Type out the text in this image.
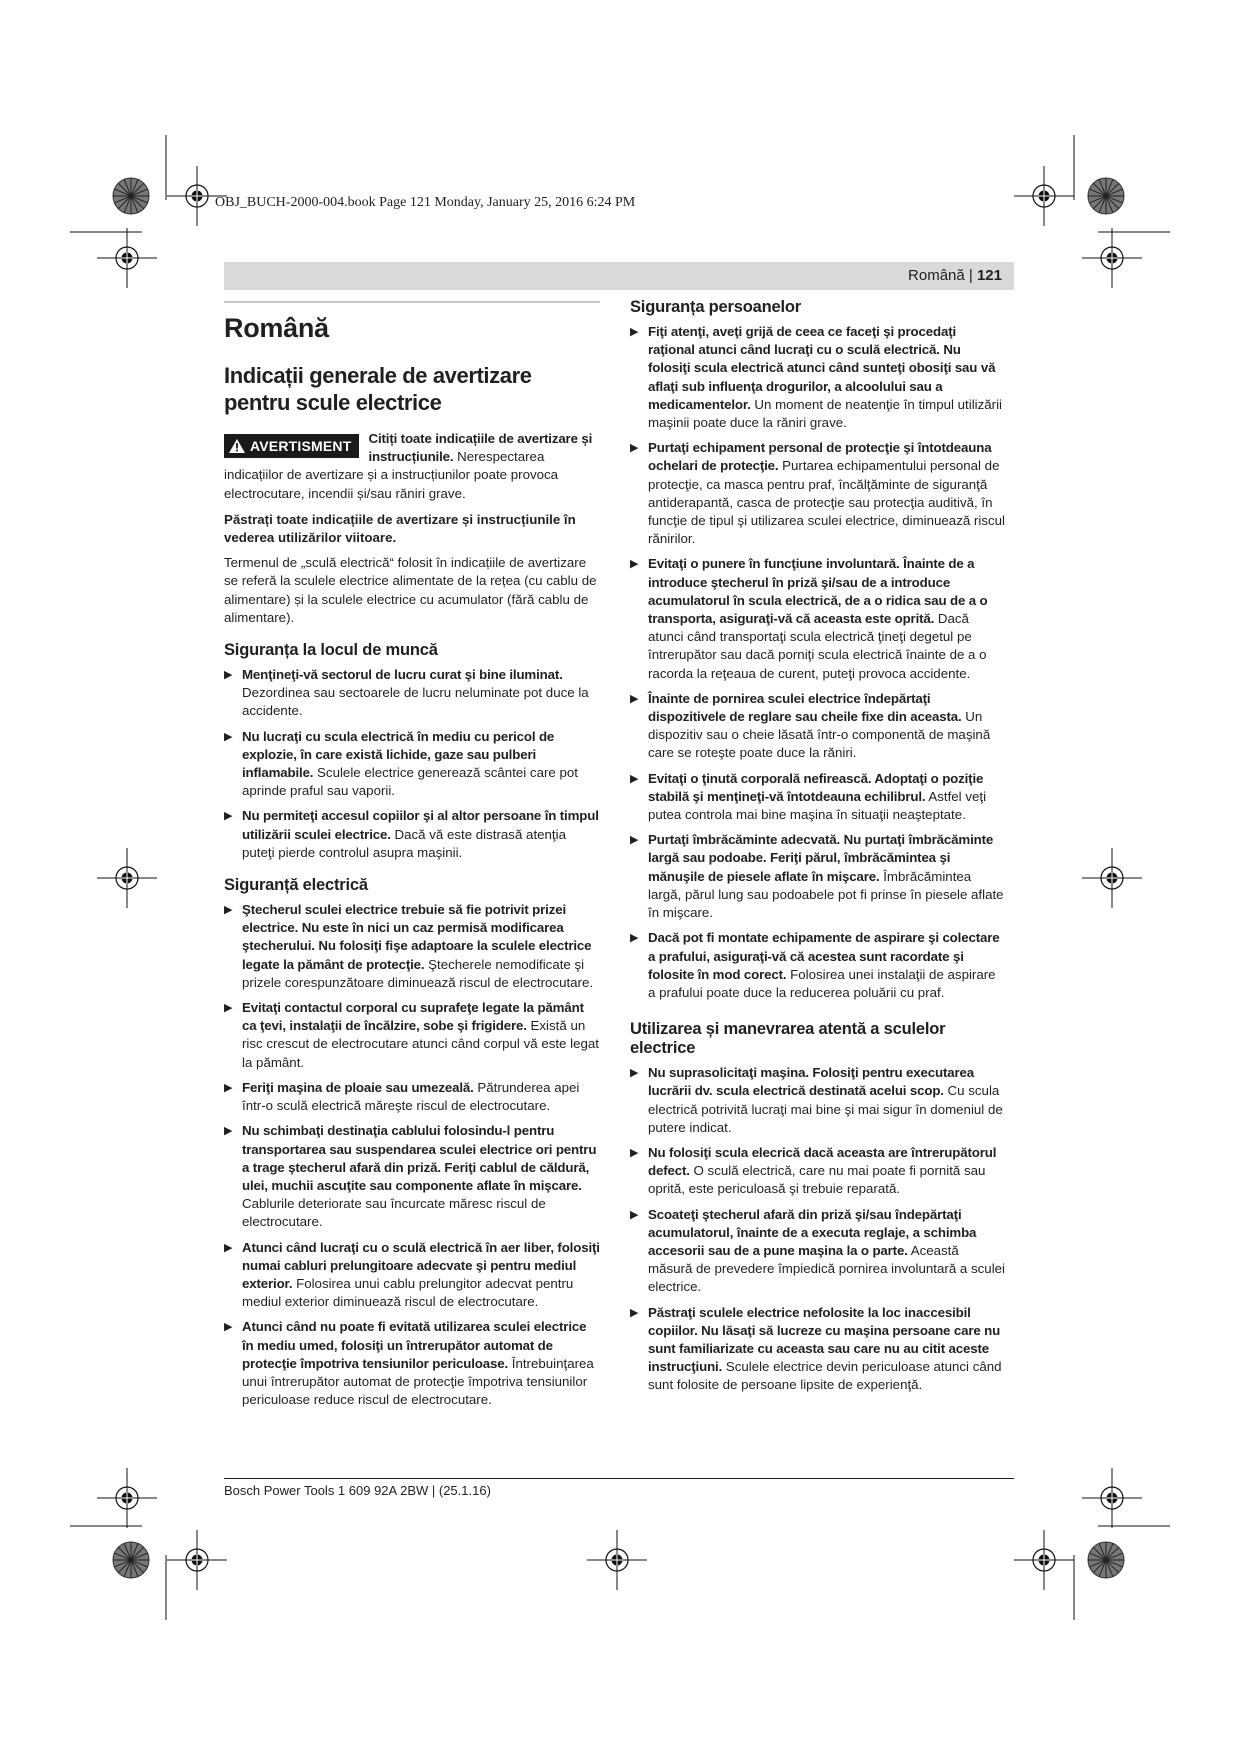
OBJ_BUCH-2000-004.book Page 121 Monday, January 25, 2016 6:24 PM
Română | 121
Română
Indicații generale de avertizare pentru scule electrice
AVERTISMENT Citiți toate indicațiile de avertizare și instrucțiunile. Nerespectarea indicațiilor de avertizare și a instrucțiunilor poate provoca electrocutare, incendii și/sau răniri grave.

Păstrați toate indicațiile de avertizare și instrucțiunile în vederea utilizărilor viitoare.

Termenul de „sculă electrică“ folosit în indicațiile de avertizare se referă la sculele electrice alimentate de la rețea (cu cablu de alimentare) și la sculele electrice cu acumulator (fără cablu de alimentare).

Siguranța la locul de muncă
▶ Menţineţi-vă sectorul de lucru curat şi bine iluminat. Dezordinea sau sectoarele de lucru neluminate pot duce la accidente.
▶ Nu lucraţi cu scula electrică în mediu cu pericol de explozie, în care există lichide, gaze sau pulberi inflamabile. Sculele electrice generează scântei care pot aprinde praful sau vaporii.
▶ Nu permiteţi accesul copiilor şi al altor persoane în timpul utilizării sculei electrice. Dacă vă este distrasă atenţia puteţi pierde controlul asupra maşinii.
Siguranță electrică
▶ Ştecherul sculei electrice trebuie să fie potrivit prizei electrice. Nu este în nici un caz permisă modificarea ştecherului. Nu folosiţi fişe adaptoare la sculele electrice legate la pământ de protecţie. Ştecherele nemodificate şi prizele corespunzătoare diminuează riscul de electrocutare.
▶ Evitaţi contactul corporal cu suprafeţe legate la pământ ca ţevi, instalaţii de încălzire, sobe şi frigidere. Există un risc crescut de electrocutare atunci când corpul vă este legat la pământ.
▶ Feriţi maşina de ploaie sau umezeală. Pătrunderea apei într-o sculă electrică măreşte riscul de electrocutare.
▶ Nu schimbaţi destinaţia cablului folosindu-l pentru transportarea sau suspendarea sculei electrice ori pentru a trage ştecherul afară din priză. Feriţi cablul de căldură, ulei, muchii ascuţite sau componente aflate în mişcare. Cablurile deteriorate sau încurcate măresc riscul de electrocutare.
▶ Atunci când lucraţi cu o sculă electrică în aer liber, folosiţi numai cabluri prelungitoare adecvate şi pentru mediul exterior. Folosirea unui cablu prelungitor adecvat pentru mediul exterior diminuează riscul de electrocutare.
▶ Atunci când nu poate fi evitată utilizarea sculei electrice în mediu umed, folosiţi un întrerupător automat de protecţie împotriva tensiunilor periculoase. Întrebuinţarea unui întrerupător automat de protecţie împotriva tensiunilor periculoase reduce riscul de electrocutare.
Siguranța persoanelor
▶ Fiţi atenţi, aveţi grijă de ceea ce faceţi şi procedaţi raţional atunci când lucraţi cu o sculă electrică. Nu folosiţi scula electrică atunci când sunteţi obosiţi sau vă aflaţi sub influenţa drogurilor, a alcoolului sau a medicamentelor. Un moment de neatenţie în timpul utilizării maşinii poate duce la răniri grave.
▶ Purtaţi echipament personal de protecţie şi întotdeauna ochelari de protecţie. Purtarea echipamentului personal de protecţie, ca masca pentru praf, încălţăminte de siguranţă antiderapantă, casca de protecţie sau protecţia auditivă, în funcţie de tipul şi utilizarea sculei electrice, diminuează riscul rănirilor.
▶ Evitaţi o punere în funcţiune involuntară. Înainte de a introduce ştecherul în priză şi/sau de a introduce acumulatorul în scula electrică, de a o ridica sau de a o transporta, asiguraţi-vă că aceasta este oprită. Dacă atunci când transportaţi scula electrică ţineţi degetul pe întrerupător sau dacă porniţi scula electrică înainte de a o racorda la reţeaua de curent, puteţi provoca accidente.
▶ Înainte de pornirea sculei electrice îndepărtaţi dispozitivele de reglare sau cheile fixe din aceasta. Un dispozitiv sau o cheie lăsată într-o componentă de maşină care se roteşte poate duce la răniri.
▶ Evitaţi o ţinută corporală nefirească. Adoptaţi o poziţie stabilă şi menţineţi-vă întotdeauna echilibrul. Astfel veţi putea controla mai bine maşina în situaţii neaşteptate.
▶ Purtaţi îmbrăcăminte adecvată. Nu purtaţi îmbrăcăminte largă sau podoabe. Feriţi părul, îmbrăcămintea şi mănuşile de piesele aflate în mişcare. Îmbrăcămintea largă, părul lung sau podoabele pot fi prinse în piesele aflate în mişcare.
▶ Dacă pot fi montate echipamente de aspirare şi colectare a prafului, asiguraţi-vă că acestea sunt racordate şi folosite în mod corect. Folosirea unei instalaţii de aspirare a prafului poate duce la reducerea poluării cu praf.
Utilizarea și manevrarea atentă a sculelor electrice
▶ Nu suprasolicitaţi maşina. Folosiţi pentru executarea lucrării dv. scula electrică destinată acelui scop. Cu scula electrică potrivită lucraţi mai bine şi mai sigur în domeniul de putere indicat.
▶ Nu folosiţi scula elecrică dacă aceasta are întrerupătorul defect. O sculă electrică, care nu mai poate fi pornită sau oprită, este periculoasă şi trebuie reparată.
▶ Scoateţi ştecherul afară din priză şi/sau îndepărtaţi acumulatorul, înainte de a executa reglaje, a schimba accesorii sau de a pune maşina la o parte. Această măsură de prevedere împiedică pornirea involuntară a sculei electrice.
▶ Păstraţi sculele electrice nefolosite la loc inaccesibil copiilor. Nu lăsaţi să lucreze cu maşina persoane care nu sunt familiarizate cu aceasta sau care nu au citit aceste instrucţiuni. Sculele electrice devin periculoase atunci când sunt folosite de persoane lipsite de experienţă.
Bosch Power Tools 1 609 92A 2BW | (25.1.16)
